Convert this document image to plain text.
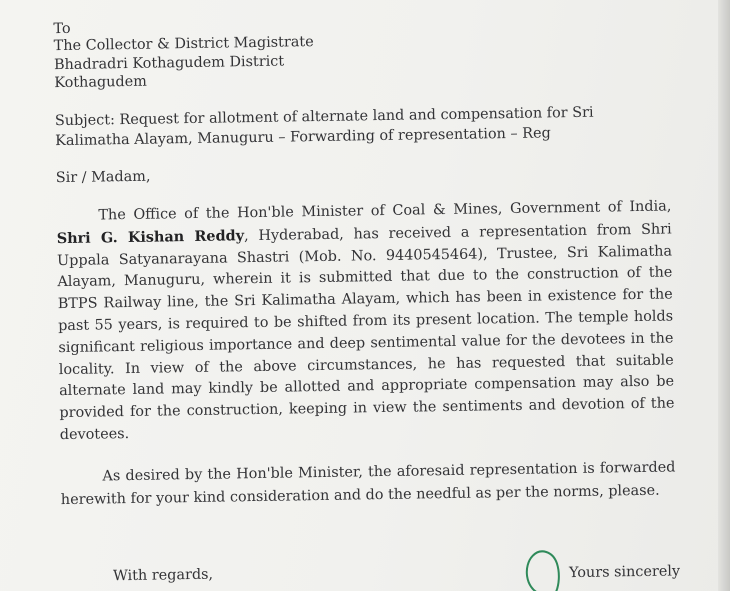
To
The Collector & District Magistrate
Bhadradri Kothagudem District
Kothagudem
Subject: Request for allotment of alternate land and compensation for Sri Kalimatha Alayam, Manuguru – Forwarding of representation – Reg
Sir / Madam,

The Office of the Hon'ble Minister of Coal & Mines, Government of India, Shri G. Kishan Reddy, Hyderabad, has received a representation from Shri Uppala Satyanarayana Shastri (Mob. No. 9440545464), Trustee, Sri Kalimatha Alayam, Manuguru, wherein it is submitted that due to the construction of the BTPS Railway line, the Sri Kalimatha Alayam, which has been in existence for the past 55 years, is required to be shifted from its present location. The temple holds significant religious importance and deep sentimental value for the devotees in the locality. In view of the above circumstances, he has requested that suitable alternate land may kindly be allotted and appropriate compensation may also be provided for the construction, keeping in view the sentiments and devotion of the devotees.

As desired by the Hon'ble Minister, the aforesaid representation is forwarded herewith for your kind consideration and do the needful as per the norms, please.

With regards,	Yours sincerely
